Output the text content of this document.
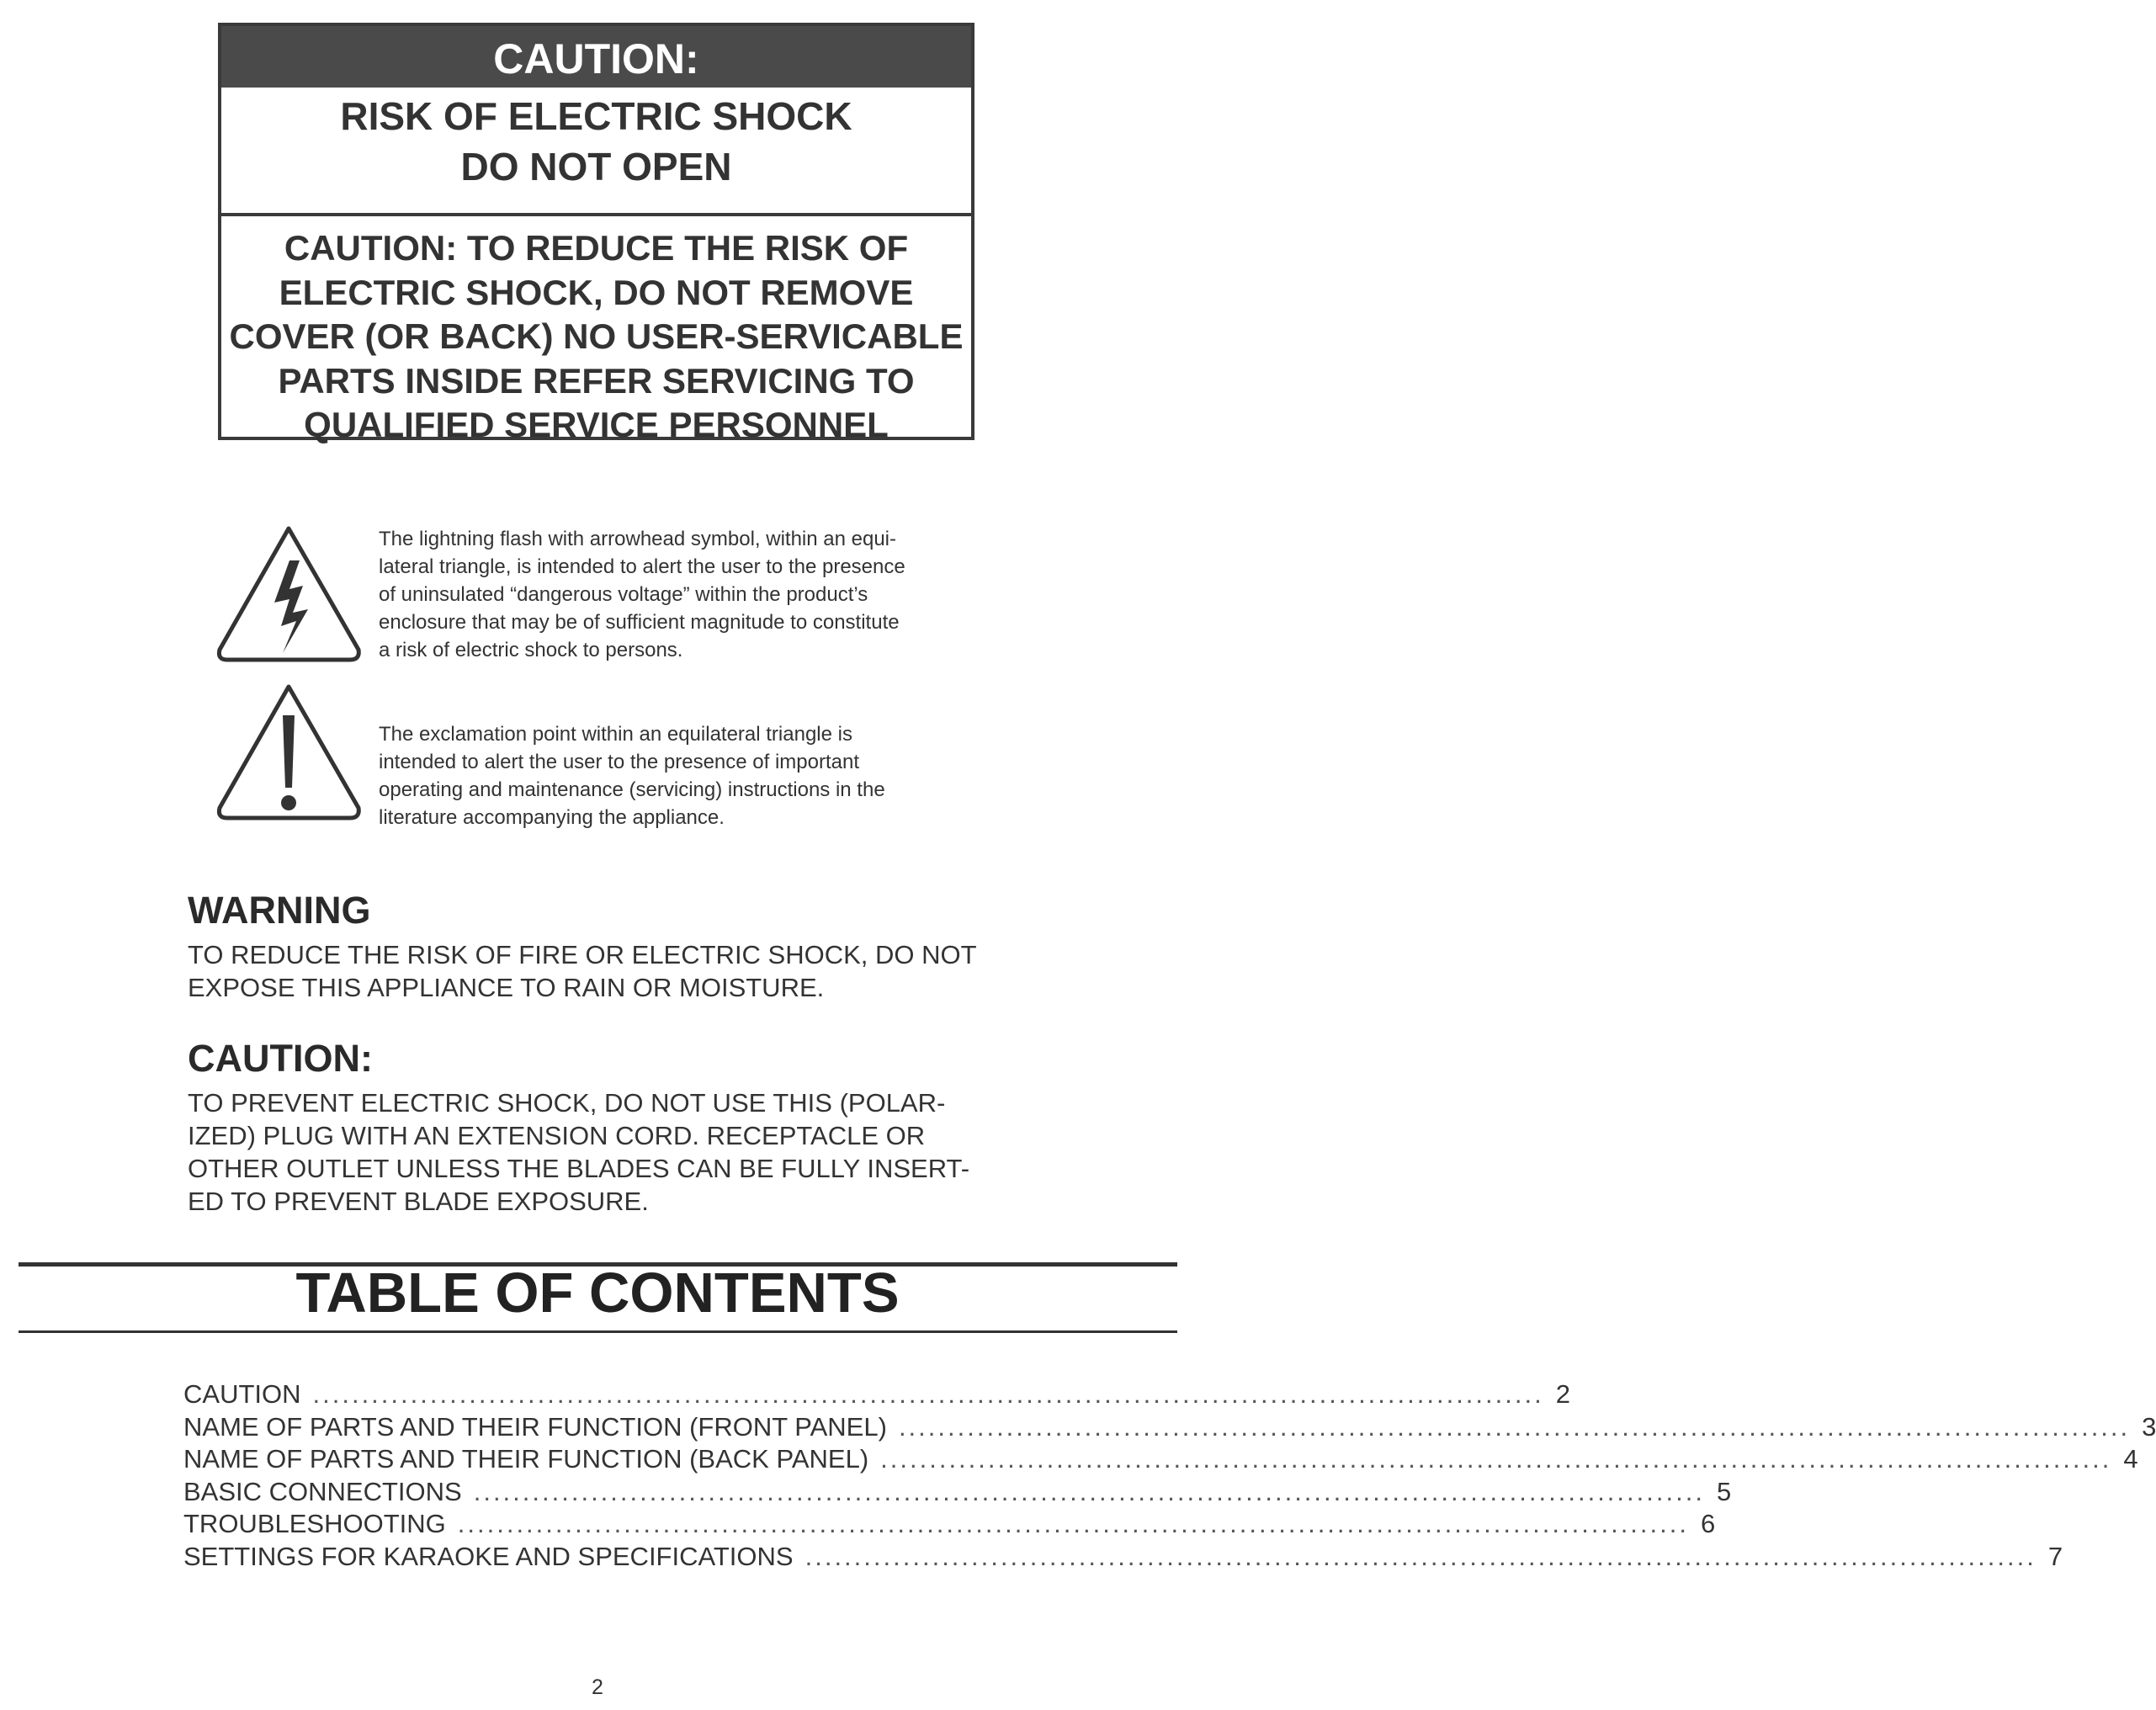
CAUTION:
RISK OF ELECTRIC SHOCK
DO NOT OPEN
CAUTION: TO REDUCE THE RISK OF
ELECTRIC SHOCK, DO NOT REMOVE
COVER (OR BACK) NO USER-SERVICABLE
PARTS INSIDE REFER SERVICING TO
QUALIFIED SERVICE PERSONNEL
The lightning flash with arrowhead symbol, within an equi-
lateral triangle, is intended to alert the user to the presence
of uninsulated “dangerous voltage” within the product’s
enclosure that may be of sufficient magnitude to constitute
a risk of electric shock to persons.
The exclamation point within an equilateral triangle is
intended to alert the user to the presence of important
operating and maintenance (servicing) instructions in the
literature accompanying the appliance.
WARNING
TO REDUCE THE RISK OF FIRE OR ELECTRIC SHOCK, DO NOT
EXPOSE THIS APPLIANCE TO RAIN OR MOISTURE.
CAUTION:
TO PREVENT ELECTRIC SHOCK, DO NOT USE THIS (POLAR-
IZED) PLUG WITH AN EXTENSION CORD. RECEPTACLE OR
OTHER OUTLET UNLESS THE BLADES CAN BE FULLY INSERT-
ED TO PREVENT BLADE EXPOSURE.
TABLE OF CONTENTS
CAUTION .............................................................................................................................. 2
NAME OF PARTS AND THEIR FUNCTION (FRONT PANEL) .............................................................................................................................. 3
NAME OF PARTS AND THEIR FUNCTION (BACK PANEL) .............................................................................................................................. 4
BASIC CONNECTIONS .............................................................................................................................. 5
TROUBLESHOOTING .............................................................................................................................. 6
SETTINGS FOR KARAOKE AND SPECIFICATIONS .............................................................................................................................. 7
2
